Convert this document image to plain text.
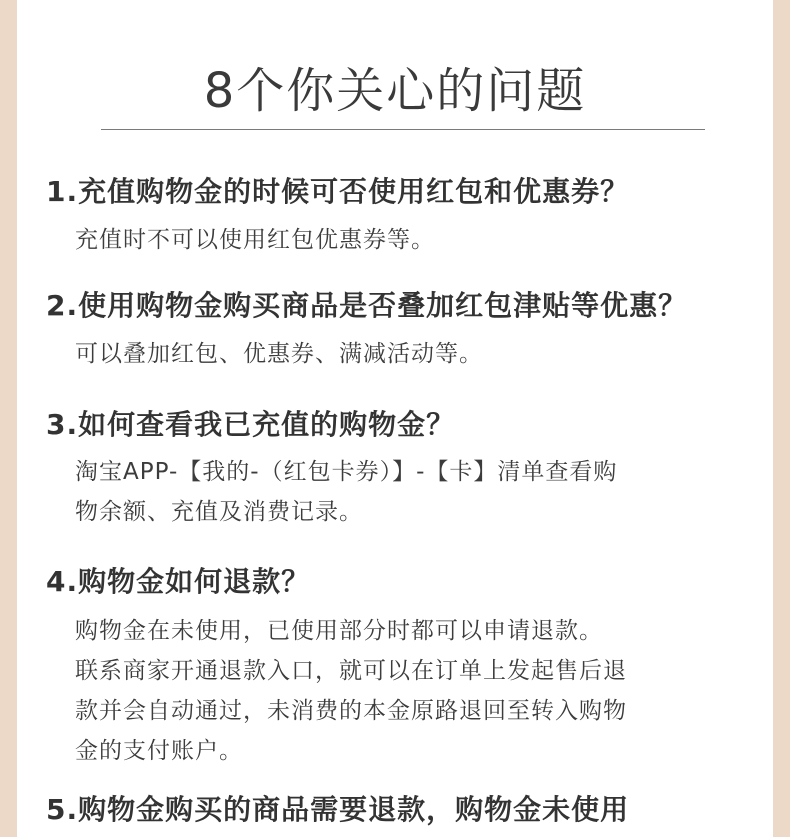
8个你关心的问题
1.充值购物金的时候可否使用红包和优惠券？
充值时不可以使用红包优惠券等。
2.使用购物金购买商品是否叠加红包津贴等优惠？
可以叠加红包、优惠券、满减活动等。
3.如何查看我已充值的购物金？
淘宝APP-【我的-（红包卡券）】-【卡】清单查看购
物余额、充值及消费记录。
4.购物金如何退款？
购物金在未使用，已使用部分时都可以申请退款。
联系商家开通退款入口，就可以在订单上发起售后退
款并会自动通过，未消费的本金原路退回至转入购物
金的支付账户。
5.购物金购买的商品需要退款，购物金未使用
